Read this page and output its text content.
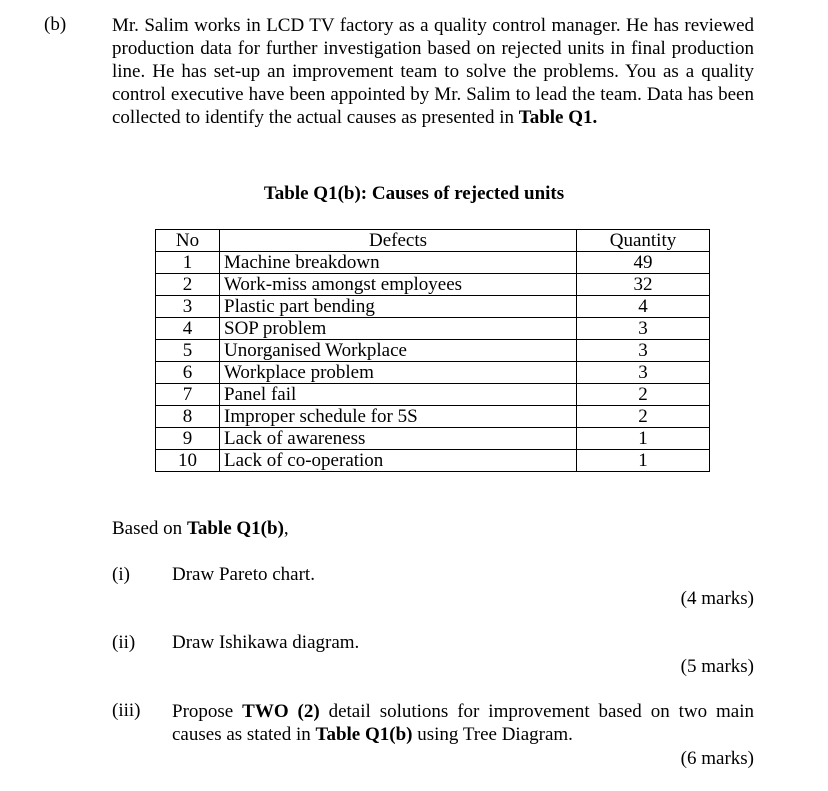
(b) Mr. Salim works in LCD TV factory as a quality control manager. He has reviewed production data for further investigation based on rejected units in final production line. He has set-up an improvement team to solve the problems. You as a quality control executive have been appointed by Mr. Salim to lead the team. Data has been collected to identify the actual causes as presented in Table Q1.
Table Q1(b): Causes of rejected units
No	Defects	Quantity
1	Machine breakdown	49
2	Work-miss amongst employees	32
3	Plastic part bending	4
4	SOP problem	3
5	Unorganised Workplace	3
6	Workplace problem	3
7	Panel fail	2
8	Improper schedule for 5S	2
9	Lack of awareness	1
10	Lack of co-operation	1
Based on Table Q1(b),
(i) Draw Pareto chart.
(4 marks)
(ii) Draw Ishikawa diagram.
(5 marks)
(iii) Propose TWO (2) detail solutions for improvement based on two main causes as stated in Table Q1(b) using Tree Diagram.
(6 marks)
